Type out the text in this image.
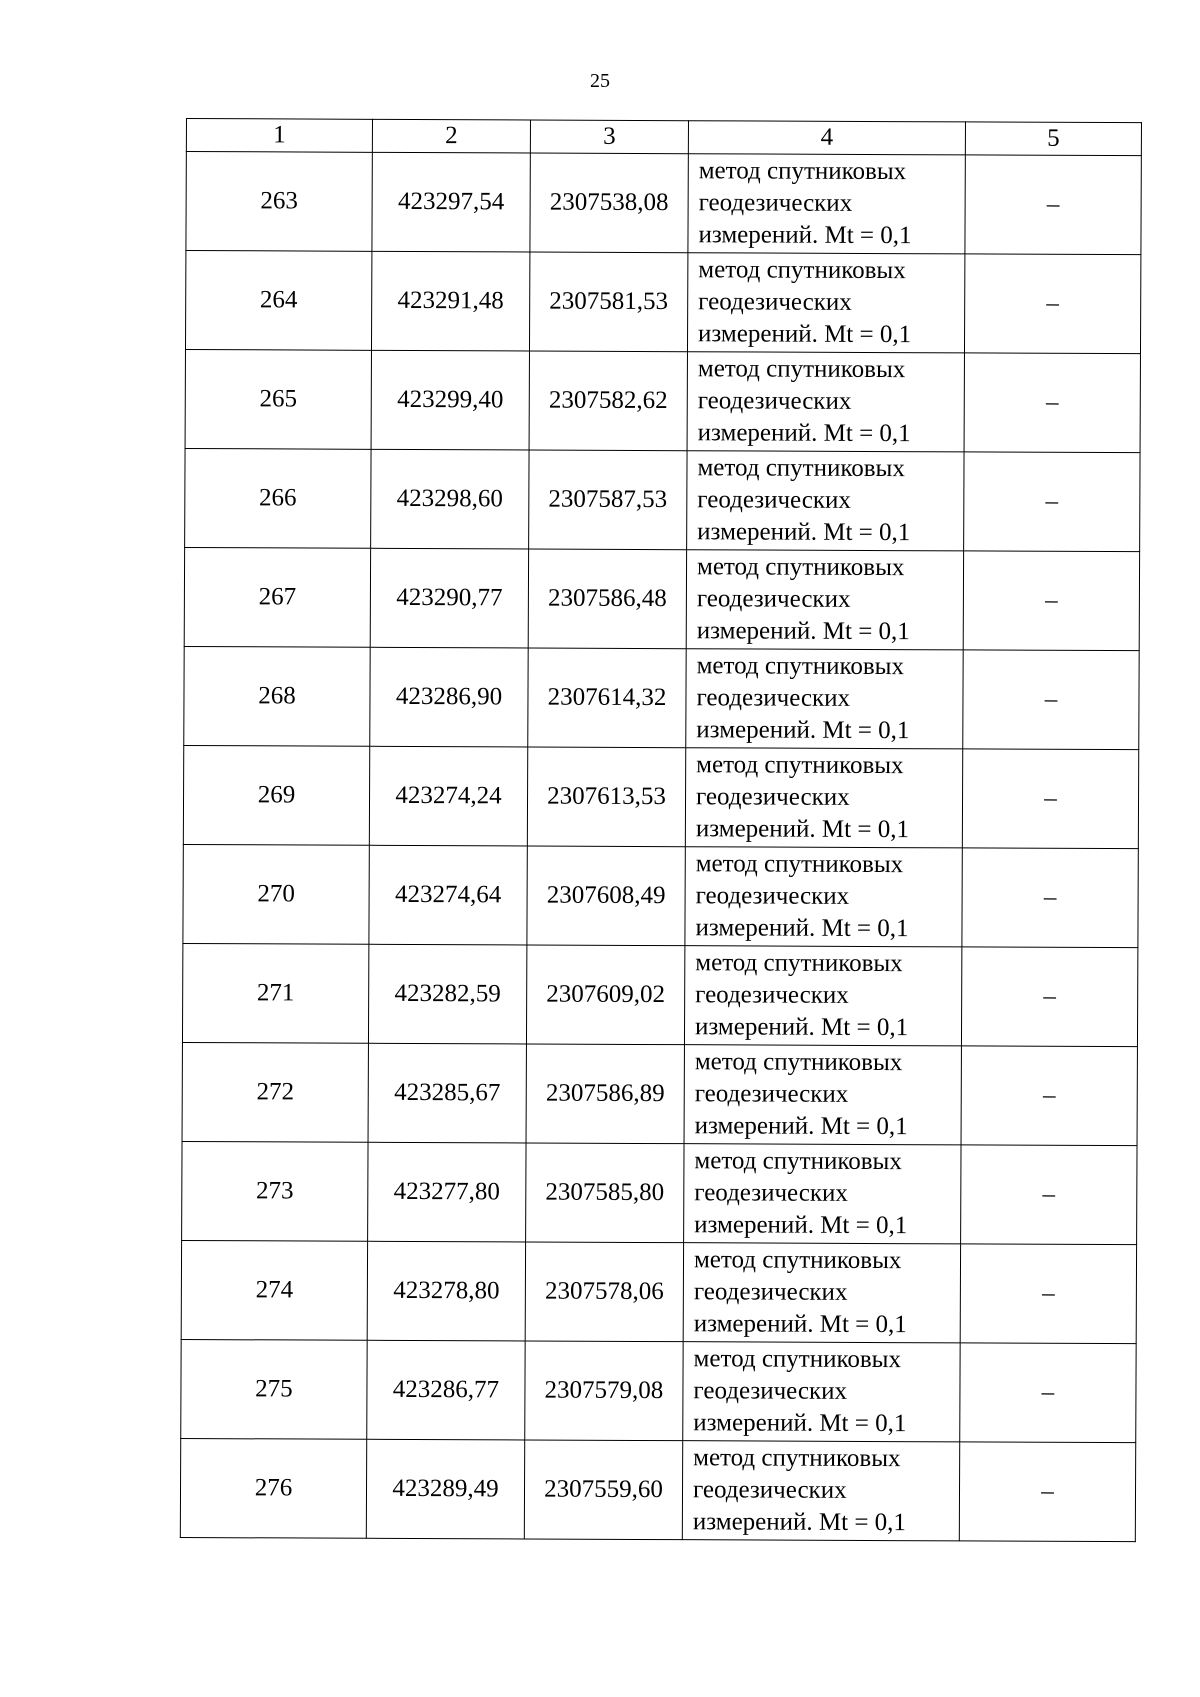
25
1	2	3	4	5
263	423297,54	2307538,08	метод спутниковых
геодезических
измерений. Mt = 0,1	–
264	423291,48	2307581,53	метод спутниковых
геодезических
измерений. Mt = 0,1	–
265	423299,40	2307582,62	метод спутниковых
геодезических
измерений. Mt = 0,1	–
266	423298,60	2307587,53	метод спутниковых
геодезических
измерений. Mt = 0,1	–
267	423290,77	2307586,48	метод спутниковых
геодезических
измерений. Mt = 0,1	–
268	423286,90	2307614,32	метод спутниковых
геодезических
измерений. Mt = 0,1	–
269	423274,24	2307613,53	метод спутниковых
геодезических
измерений. Mt = 0,1	–
270	423274,64	2307608,49	метод спутниковых
геодезических
измерений. Mt = 0,1	–
271	423282,59	2307609,02	метод спутниковых
геодезических
измерений. Mt = 0,1	–
272	423285,67	2307586,89	метод спутниковых
геодезических
измерений. Mt = 0,1	–
273	423277,80	2307585,80	метод спутниковых
геодезических
измерений. Mt = 0,1	–
274	423278,80	2307578,06	метод спутниковых
геодезических
измерений. Mt = 0,1	–
275	423286,77	2307579,08	метод спутниковых
геодезических
измерений. Mt = 0,1	–
276	423289,49	2307559,60	метод спутниковых
геодезических
измерений. Mt = 0,1	–
